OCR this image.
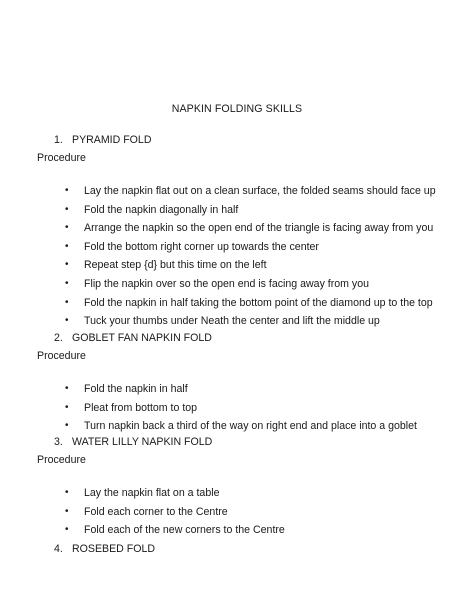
NAPKIN FOLDING SKILLS
1. PYRAMID FOLD
Procedure
• Lay the napkin flat out on a clean surface, the folded seams should face up
• Fold the napkin diagonally in half
• Arrange the napkin so the open end of the triangle is facing away from you
• Fold the bottom right corner up towards the center
• Repeat step {d} but this time on the left
• Flip the napkin over so the open end is facing away from you
• Fold the napkin in half taking the bottom point of the diamond up to the top
• Tuck your thumbs under Neath the center and lift the middle up
2. GOBLET FAN NAPKIN FOLD
Procedure
• Fold the napkin in half
• Pleat from bottom to top
• Turn napkin back a third of the way on right end and place into a goblet
3. WATER LILLY NAPKIN FOLD
Procedure
• Lay the napkin flat on a table
• Fold each corner to the Centre
• Fold each of the new corners to the Centre
4. ROSEBED FOLD
